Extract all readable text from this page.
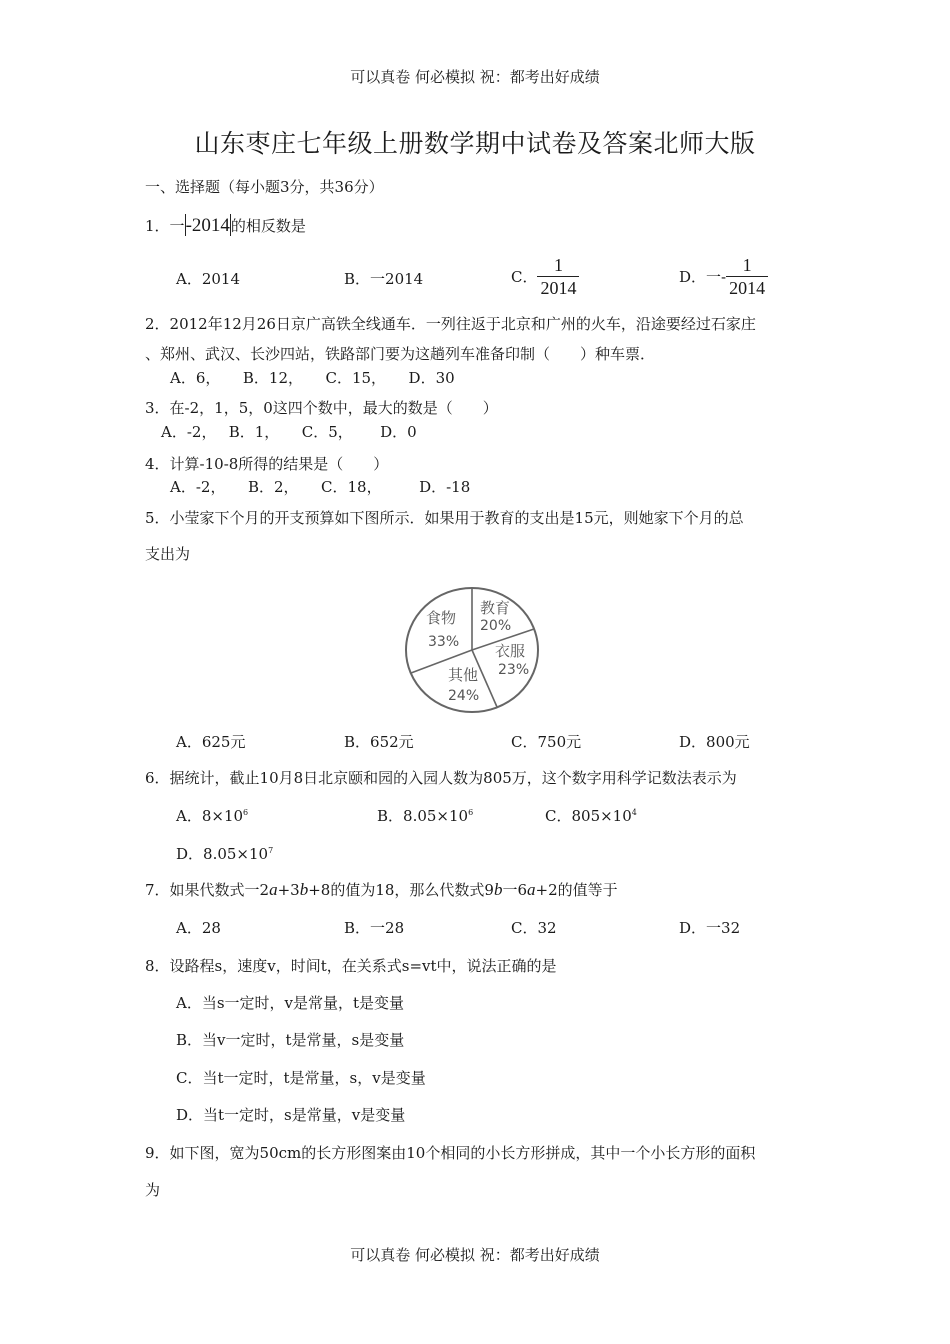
可以真卷 何必模拟 祝：都考出好成绩
山东枣庄七年级上册数学期中试卷及答案北师大版
一、选择题（每小题3分，共36分）
1．一-2014的相反数是
A．2014	B．一2014	C． $\frac{1}{2014}$	D．一- $\frac{1}{2014}$
2．2012年12月26日京广高铁全线通车．一列往返于北京和广州的火车，沿途要经过石家庄
、郑州、武汉、长沙四站，铁路部门要为这趟列车准备印制（　　）种车票．
A．6，　　B．12，　　C．15，　　D．30
3．在-2，1，5，0这四个数中，最大的数是（　　）
A．-2，　 B．1，　　C．5，　　 D．0
4．计算-10-8所得的结果是（　　）
A．-2，　　B．2，　　C．18，　　　D．-18
5．小莹家下个月的开支预算如下图所示．如果用于教育的支出是15元，则她家下个月的总
支出为
食物
33%
教育
20%
衣服
23%
其他
24%
A．625元	B．652元	C．750元	D．800元
6．据统计，截止10月8日北京颐和园的入园人数为805万，这个数字用科学记数法表示为
A．$8\times 10^6$	B．$8.05\times 10^6$	C．$805\times 10^4$
D．$8.05\times 10^7$
7．如果代数式一2a+3b+8的值为18，那么代数式9b一6a+2的值等于
A．28	B．一28	C．32	D．一32
8．设路程s，速度v，时间t，在关系式s=vt中，说法正确的是
A．当s一定时，v是常量，t是变量
B．当v一定时，t是常量，s是变量
C．当t一定时，t是常量，s，v是变量
D．当t一定时，s是常量，v是变量
9．如下图，宽为50cm的长方形图案由10个相同的小长方形拼成，其中一个小长方形的面积
为
可以真卷 何必模拟 祝：都考出好成绩
